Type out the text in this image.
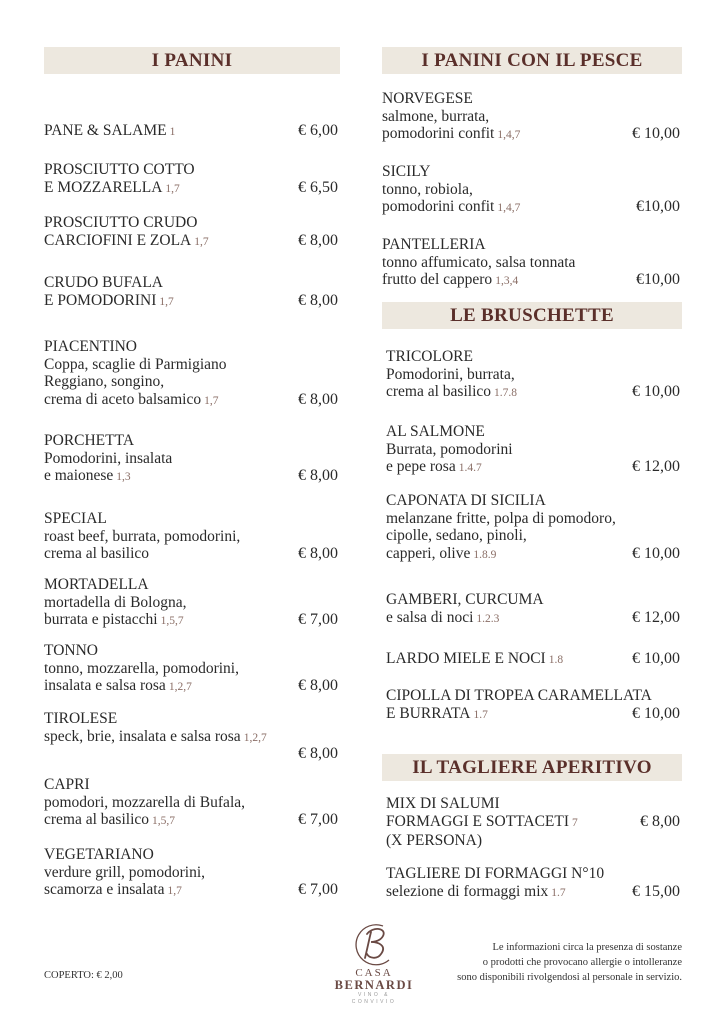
I PANINI
PANE & SALAME 1	€ 6,00
PROSCIUTTO COTTO
E MOZZARELLA 1,7	€ 6,50
PROSCIUTTO CRUDO
CARCIOFINI E ZOLA 1,7	€ 8,00
CRUDO BUFALA
E POMODORINI 1,7	€ 8,00
PIACENTINO
Coppa, scaglie di Parmigiano
Reggiano, songino,
crema di aceto balsamico 1,7	€ 8,00
PORCHETTA
Pomodorini, insalata
e maionese 1,3	€ 8,00
SPECIAL
roast beef, burrata, pomodorini,
crema al basilico	€ 8,00
MORTADELLA
mortadella di Bologna,
burrata e pistacchi 1,5,7	€ 7,00
TONNO
tonno, mozzarella, pomodorini,
insalata e salsa rosa 1,2,7	€ 8,00
TIROLESE
speck, brie, insalata e salsa rosa 1,2,7
€ 8,00
CAPRI
pomodori, mozzarella di Bufala,
crema al basilico 1,5,7	€ 7,00
VEGETARIANO
verdure grill, pomodorini,
scamorza e insalata 1,7	€ 7,00
I PANINI CON IL PESCE
NORVEGESE
salmone, burrata,
pomodorini confit 1,4,7	€ 10,00
SICILY
tonno, robiola,
pomodorini confit 1,4,7	€10,00
PANTELLERIA
tonno affumicato, salsa tonnata
frutto del cappero 1,3,4	€10,00
LE BRUSCHETTE
TRICOLORE
Pomodorini, burrata,
crema al basilico 1.7.8	€ 10,00
AL SALMONE
Burrata, pomodorini
e pepe rosa 1.4.7	€ 12,00
CAPONATA DI SICILIA
melanzane fritte, polpa di pomodoro,
cipolle, sedano, pinoli,
capperi, olive 1.8.9	€ 10,00
GAMBERI, CURCUMA
e salsa di noci 1.2.3	€ 12,00
LARDO MIELE E NOCI 1.8	€ 10,00
CIPOLLA DI TROPEA CARAMELLATA
E BURRATA 1.7	€ 10,00
IL TAGLIERE APERITIVO
MIX DI SALUMI
FORMAGGI E SOTTACETI 7
(X PERSONA)
€ 8,00
TAGLIERE DI FORMAGGI N°10
selezione di formaggi mix 1.7	€ 15,00
COPERTO: € 2,00	CASA
BERNARDI
VINO & CONVIVIO
Le informazioni circa la presenza di sostanze
o prodotti che provocano allergie o intolleranze
sono disponibili rivolgendosi al personale in servizio.
